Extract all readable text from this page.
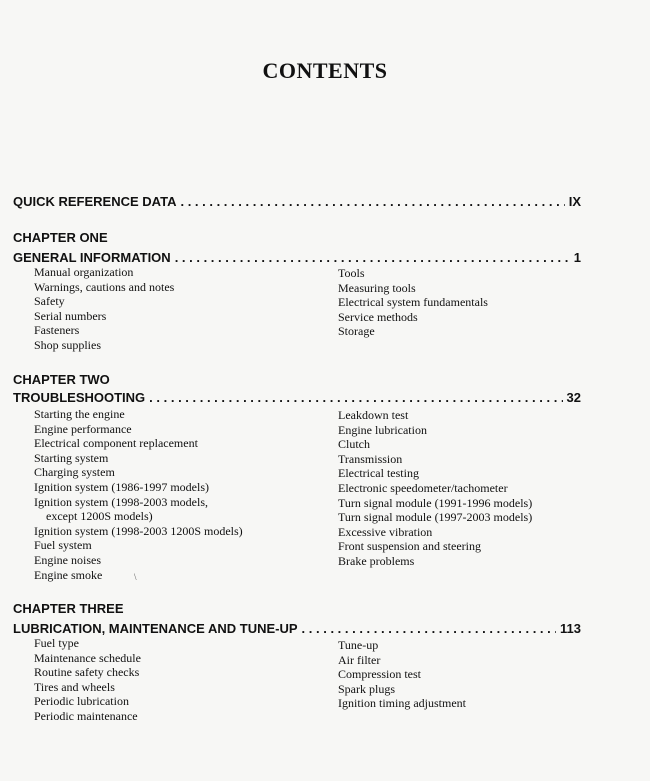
CONTENTS
QUICK REFERENCE DATA . . .	IX
CHAPTER ONE
GENERAL INFORMATION . . .	1
Manual organization
Warnings, cautions and notes
Safety
Serial numbers
Fasteners
Shop supplies
Tools
Measuring tools
Electrical system fundamentals
Service methods
Storage
CHAPTER TWO
TROUBLESHOOTING . . .	32
Starting the engine
Engine performance
Electrical component replacement
Starting system
Charging system
Ignition system (1986-1997 models)
Ignition system (1998-2003 models,
except 1200S models)
Ignition system (1998-2003 1200S models)
Fuel system
Engine noises
Engine smoke
Leakdown test
Engine lubrication
Clutch
Transmission
Electrical testing
Electronic speedometer/tachometer
Turn signal module (1991-1996 models)
Turn signal module (1997-2003 models)
Excessive vibration
Front suspension and steering
Brake problems
\
CHAPTER THREE
LUBRICATION, MAINTENANCE AND TUNE-UP . . .	113
Fuel type
Maintenance schedule
Routine safety checks
Tires and wheels
Periodic lubrication
Periodic maintenance
Tune-up
Air filter
Compression test
Spark plugs
Ignition timing adjustment
